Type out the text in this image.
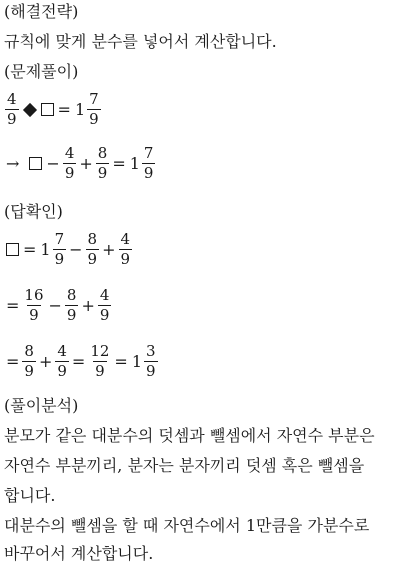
(해결전략)
규칙에 맞게 분수를 넣어서 계산합니다.
(문제풀이)
$\frac{4}{9} = 1 \frac{7}{9}$
→ − $\frac{4}{9} + \frac{8}{9} = 1 \frac{7}{9}$
(답확인)
= $1 \frac{7}{9} - \frac{8}{9} + \frac{4}{9}$
= $\frac{16}{9} - \frac{8}{9} + \frac{4}{9}$
= $\frac{8}{9} + \frac{4}{9} = \frac{12}{9} = 1 \frac{3}{9}$
(풀이분석)
분모가 같은 대분수의 덧셈과 뺄셈에서 자연수 부분은
자연수 부분끼리, 분자는 분자끼리 덧셈 혹은 뺄셈을
합니다.
대분수의 뺄셈을 할 때 자연수에서 1만큼을 가분수로
바꾸어서 계산합니다.
